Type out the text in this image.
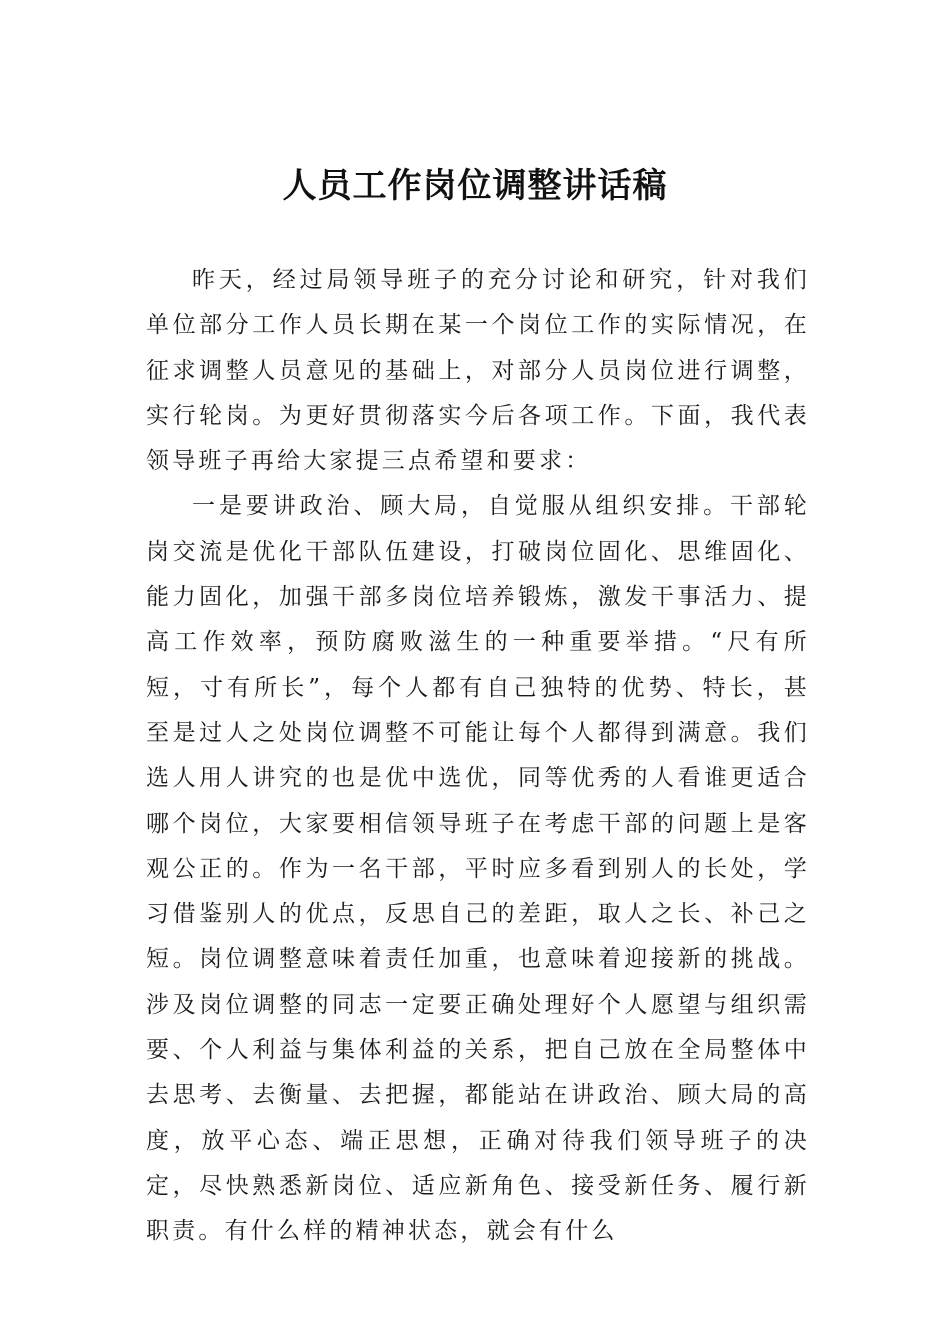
人员工作岗位调整讲话稿

昨天，经过局领导班子的充分讨论和研究，针对我们单位部分工作人员长期在某一个岗位工作的实际情况，在征求调整人员意见的基础上，对部分人员岗位进行调整，实行轮岗。为更好贯彻落实今后各项工作。下面，我代表领导班子再给大家提三点希望和要求：

一是要讲政治、顾大局，自觉服从组织安排。干部轮岗交流是优化干部队伍建设，打破岗位固化、思维固化、能力固化，加强干部多岗位培养锻炼，激发干事活力、提高工作效率，预防腐败滋生的一种重要举措。“尺有所短，寸有所长”，每个人都有自己独特的优势、特长，甚至是过人之处岗位调整不可能让每个人都得到满意。我们选人用人讲究的也是优中选优，同等优秀的人看谁更适合哪个岗位，大家要相信领导班子在考虑干部的问题上是客观公正的。作为一名干部，平时应多看到别人的长处，学习借鉴别人的优点，反思自己的差距，取人之长、补己之短。岗位调整意味着责任加重，也意味着迎接新的挑战。涉及岗位调整的同志一定要正确处理好个人愿望与组织需要、个人利益与集体利益的关系，把自己放在全局整体中去思考、去衡量、去把握，都能站在讲政治、顾大局的高度，放平心态、端正思想，正确对待我们领导班子的决定，尽快熟悉新岗位、适应新角色、接受新任务、履行新职责。有什么样的精神状态，就会有什么
